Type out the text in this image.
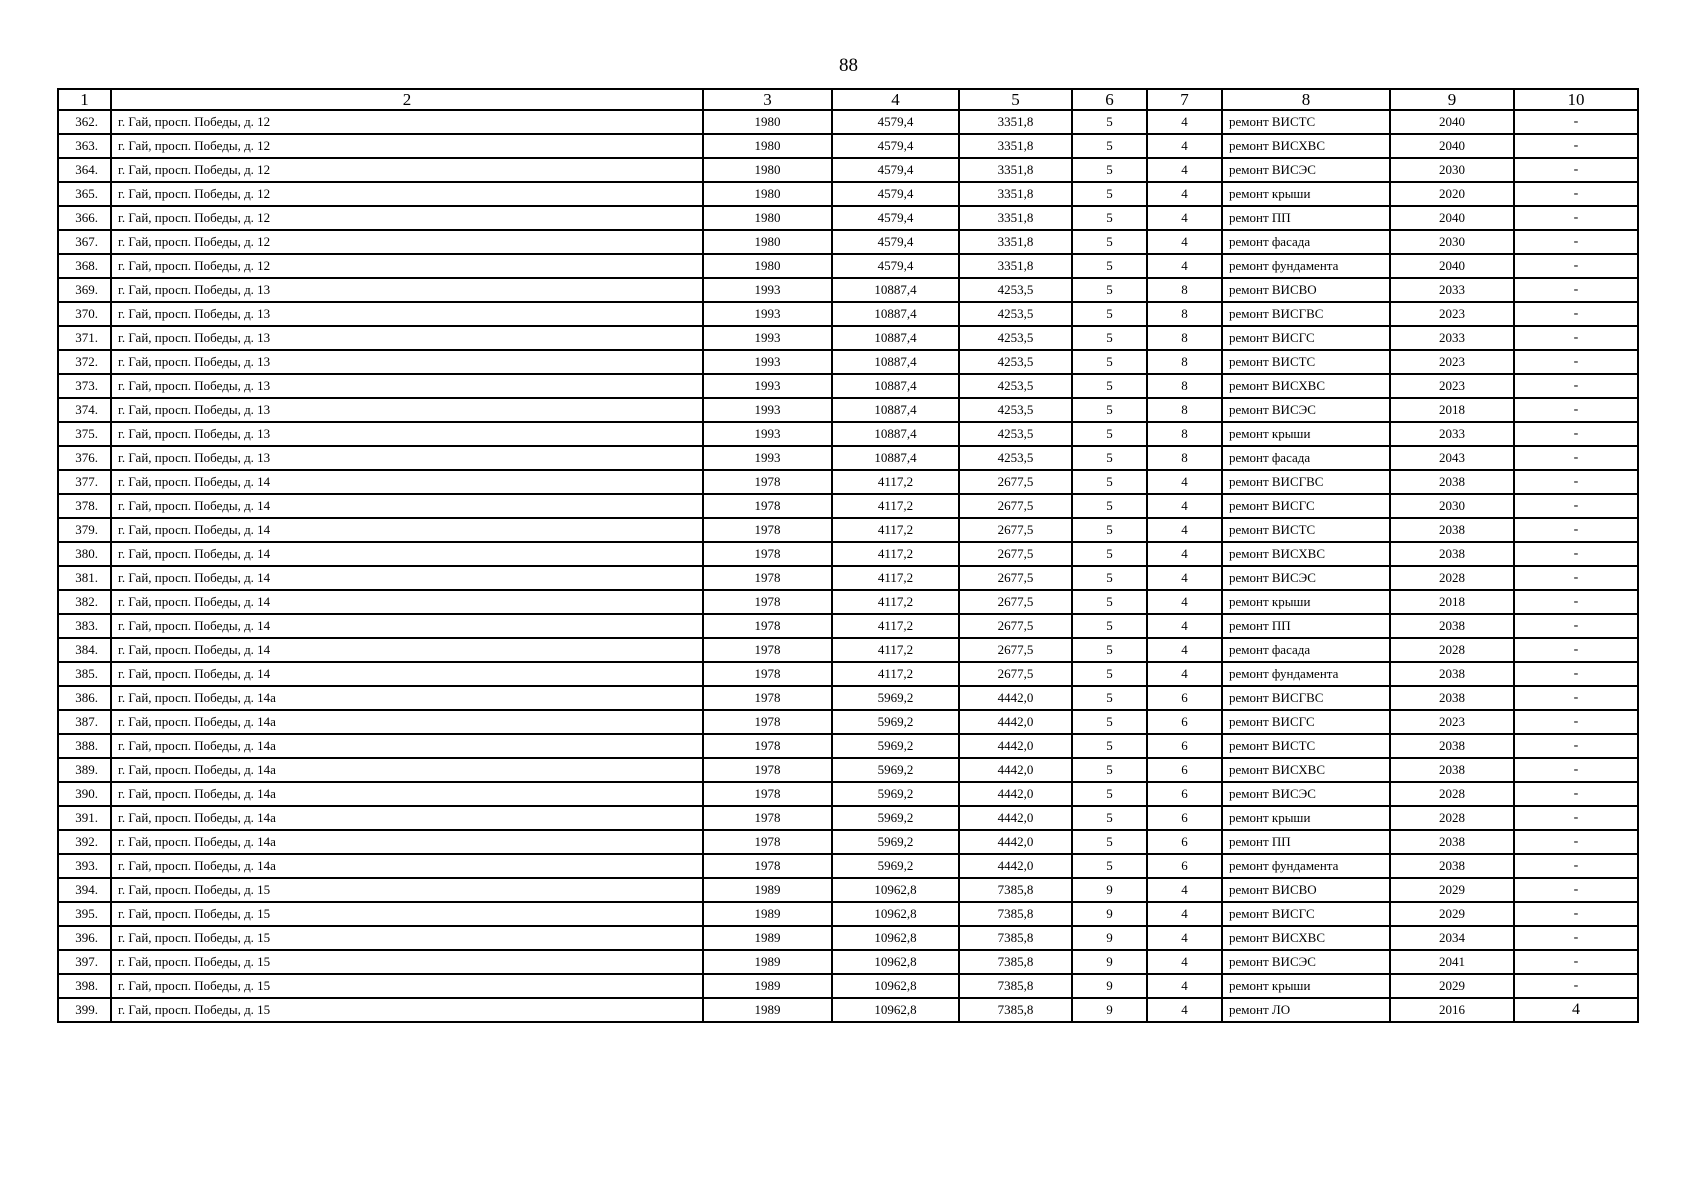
88
1	2	3	4	5	6	7	8	9	10
362.	г. Гай, просп. Победы, д. 12	1980	4579,4	3351,8	5	4	ремонт ВИСТС	2040	-
363.	г. Гай, просп. Победы, д. 12	1980	4579,4	3351,8	5	4	ремонт ВИСХВС	2040	-
364.	г. Гай, просп. Победы, д. 12	1980	4579,4	3351,8	5	4	ремонт ВИСЭС	2030	-
365.	г. Гай, просп. Победы, д. 12	1980	4579,4	3351,8	5	4	ремонт крыши	2020	-
366.	г. Гай, просп. Победы, д. 12	1980	4579,4	3351,8	5	4	ремонт ПП	2040	-
367.	г. Гай, просп. Победы, д. 12	1980	4579,4	3351,8	5	4	ремонт фасада	2030	-
368.	г. Гай, просп. Победы, д. 12	1980	4579,4	3351,8	5	4	ремонт фундамента	2040	-
369.	г. Гай, просп. Победы, д. 13	1993	10887,4	4253,5	5	8	ремонт ВИСВО	2033	-
370.	г. Гай, просп. Победы, д. 13	1993	10887,4	4253,5	5	8	ремонт ВИСГВС	2023	-
371.	г. Гай, просп. Победы, д. 13	1993	10887,4	4253,5	5	8	ремонт ВИСГС	2033	-
372.	г. Гай, просп. Победы, д. 13	1993	10887,4	4253,5	5	8	ремонт ВИСТС	2023	-
373.	г. Гай, просп. Победы, д. 13	1993	10887,4	4253,5	5	8	ремонт ВИСХВС	2023	-
374.	г. Гай, просп. Победы, д. 13	1993	10887,4	4253,5	5	8	ремонт ВИСЭС	2018	-
375.	г. Гай, просп. Победы, д. 13	1993	10887,4	4253,5	5	8	ремонт крыши	2033	-
376.	г. Гай, просп. Победы, д. 13	1993	10887,4	4253,5	5	8	ремонт фасада	2043	-
377.	г. Гай, просп. Победы, д. 14	1978	4117,2	2677,5	5	4	ремонт ВИСГВС	2038	-
378.	г. Гай, просп. Победы, д. 14	1978	4117,2	2677,5	5	4	ремонт ВИСГС	2030	-
379.	г. Гай, просп. Победы, д. 14	1978	4117,2	2677,5	5	4	ремонт ВИСТС	2038	-
380.	г. Гай, просп. Победы, д. 14	1978	4117,2	2677,5	5	4	ремонт ВИСХВС	2038	-
381.	г. Гай, просп. Победы, д. 14	1978	4117,2	2677,5	5	4	ремонт ВИСЭС	2028	-
382.	г. Гай, просп. Победы, д. 14	1978	4117,2	2677,5	5	4	ремонт крыши	2018	-
383.	г. Гай, просп. Победы, д. 14	1978	4117,2	2677,5	5	4	ремонт ПП	2038	-
384.	г. Гай, просп. Победы, д. 14	1978	4117,2	2677,5	5	4	ремонт фасада	2028	-
385.	г. Гай, просп. Победы, д. 14	1978	4117,2	2677,5	5	4	ремонт фундамента	2038	-
386.	г. Гай, просп. Победы, д. 14а	1978	5969,2	4442,0	5	6	ремонт ВИСГВС	2038	-
387.	г. Гай, просп. Победы, д. 14а	1978	5969,2	4442,0	5	6	ремонт ВИСГС	2023	-
388.	г. Гай, просп. Победы, д. 14а	1978	5969,2	4442,0	5	6	ремонт ВИСТС	2038	-
389.	г. Гай, просп. Победы, д. 14а	1978	5969,2	4442,0	5	6	ремонт ВИСХВС	2038	-
390.	г. Гай, просп. Победы, д. 14а	1978	5969,2	4442,0	5	6	ремонт ВИСЭС	2028	-
391.	г. Гай, просп. Победы, д. 14а	1978	5969,2	4442,0	5	6	ремонт крыши	2028	-
392.	г. Гай, просп. Победы, д. 14а	1978	5969,2	4442,0	5	6	ремонт ПП	2038	-
393.	г. Гай, просп. Победы, д. 14а	1978	5969,2	4442,0	5	6	ремонт фундамента	2038	-
394.	г. Гай, просп. Победы, д. 15	1989	10962,8	7385,8	9	4	ремонт ВИСВО	2029	-
395.	г. Гай, просп. Победы, д. 15	1989	10962,8	7385,8	9	4	ремонт ВИСГС	2029	-
396.	г. Гай, просп. Победы, д. 15	1989	10962,8	7385,8	9	4	ремонт ВИСХВС	2034	-
397.	г. Гай, просп. Победы, д. 15	1989	10962,8	7385,8	9	4	ремонт ВИСЭС	2041	-
398.	г. Гай, просп. Победы, д. 15	1989	10962,8	7385,8	9	4	ремонт крыши	2029	-
399.	г. Гай, просп. Победы, д. 15	1989	10962,8	7385,8	9	4	ремонт ЛО	2016	4
